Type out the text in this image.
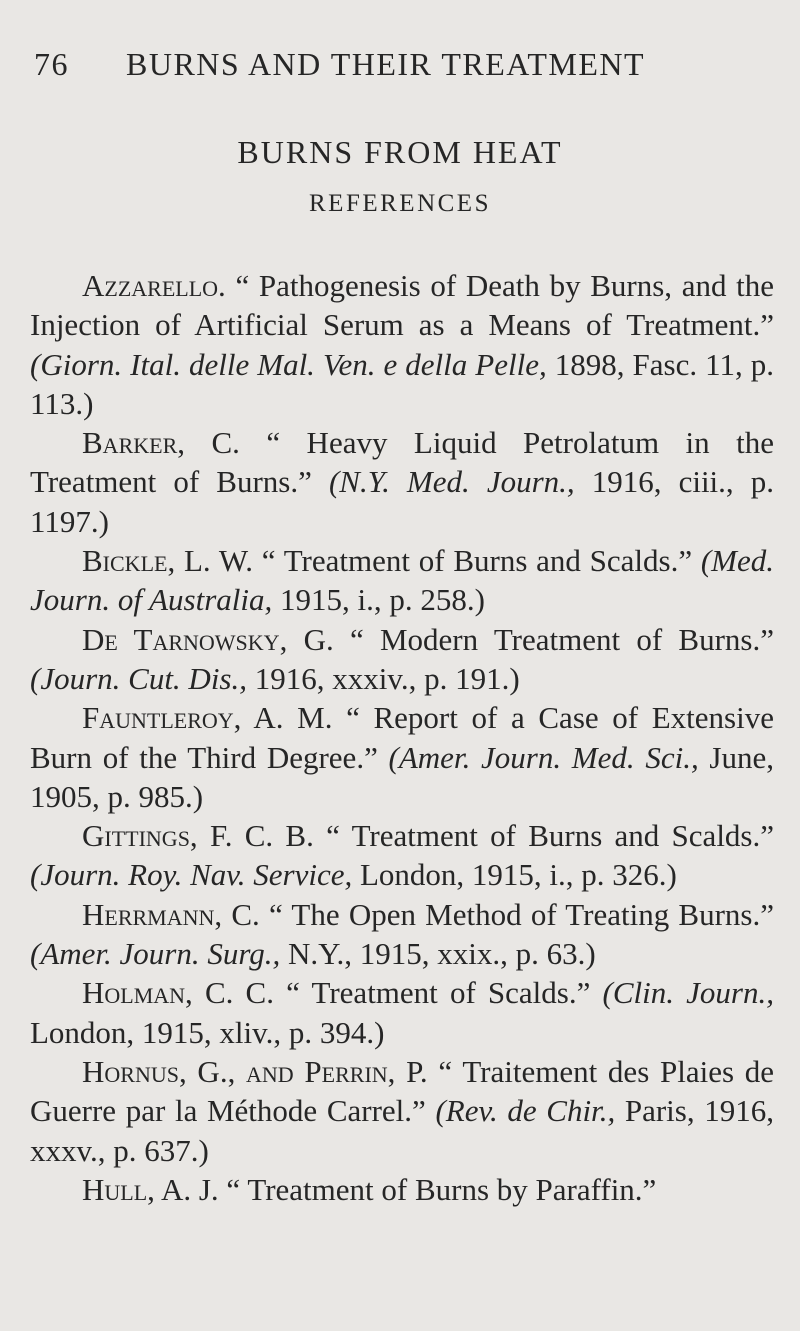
76 BURNS AND THEIR TREATMENT
BURNS FROM HEAT
REFERENCES

Azzarello. “ Pathogenesis of Death by Burns, and the Injection of Artificial Serum as a Means of Treatment.” (Giorn. Ital. delle Mal. Ven. e della Pelle, 1898, Fasc. 11, p. 113.)

Barker, C. “ Heavy Liquid Petrolatum in the Treatment of Burns.” (N.Y. Med. Journ., 1916, ciii., p. 1197.)

Bickle, L. W. “ Treatment of Burns and Scalds.” (Med. Journ. of Australia, 1915, i., p. 258.)

De Tarnowsky, G. “ Modern Treatment of Burns.” (Journ. Cut. Dis., 1916, xxxiv., p. 191.)

Fauntleroy, A. M. “ Report of a Case of Extensive Burn of the Third Degree.” (Amer. Journ. Med. Sci., June, 1905, p. 985.)

Gittings, F. C. B. “ Treatment of Burns and Scalds.” (Journ. Roy. Nav. Service, London, 1915, i., p. 326.)

Herrmann, C. “ The Open Method of Treating Burns.” (Amer. Journ. Surg., N.Y., 1915, xxix., p. 63.)

Holman, C. C. “ Treatment of Scalds.” (Clin. Journ., London, 1915, xliv., p. 394.)

Hornus, G., and Perrin, P. “ Traitement des Plaies de Guerre par la Méthode Carrel.” (Rev. de Chir., Paris, 1916, xxxv., p. 637.)

Hull, A. J. “ Treatment of Burns by Paraffin.”
